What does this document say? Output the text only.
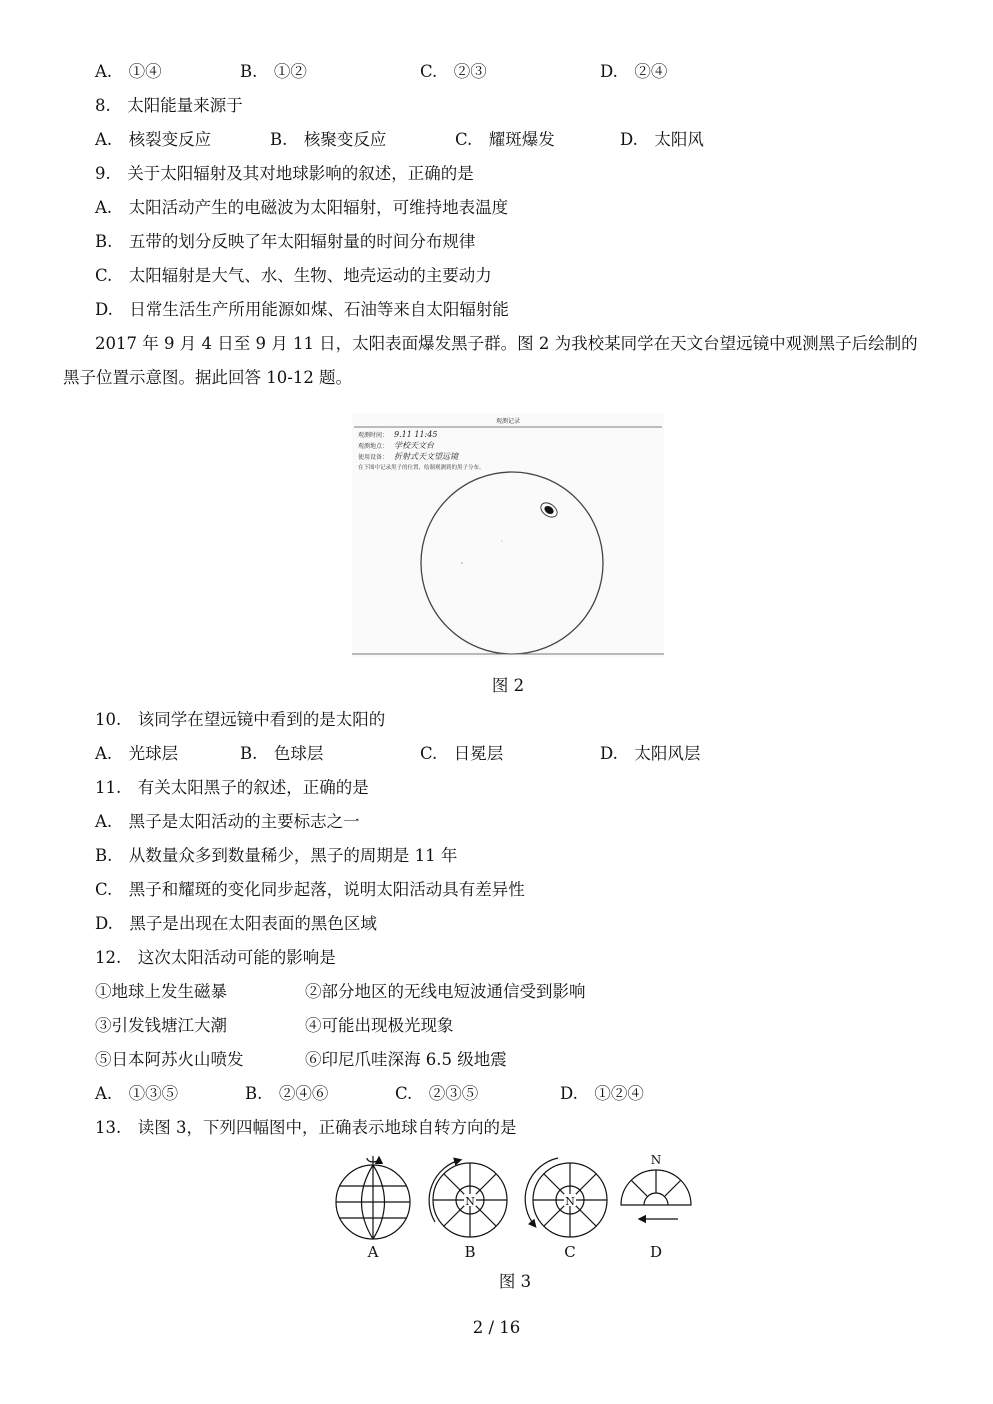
A.　①④	B.　①②	C.　②③	D.　②④
8.　太阳能量来源于
A.　核裂变反应	B.　核聚变反应	C.　耀斑爆发	D.　太阳风
9.　关于太阳辐射及其对地球影响的叙述，正确的是
A.　太阳活动产生的电磁波为太阳辐射，可维持地表温度
B.　五带的划分反映了年太阳辐射量的时间分布规律
C.　太阳辐射是大气、水、生物、地壳运动的主要动力
D.　日常生活生产所用能源如煤、石油等来自太阳辐射能
2017 年 9 月 4 日至 9 月 11 日，太阳表面爆发黑子群。图 2 为我校某同学在天文台望远镜中观测黑子后绘制的
黑子位置示意图。据此回答 10-12 题。
观测记录
观测时间： 9.11 11:45
观测地点： 学校天文台
使用设备： 折射式天文望远镜
在下图中记录黑子的位置，绘制观测到的黑子分布。
图 2
10.　该同学在望远镜中看到的是太阳的
A.　光球层	B.　色球层	C.　日冕层	D.　太阳风层
11.　有关太阳黑子的叙述，正确的是
A.　黑子是太阳活动的主要标志之一
B.　从数量众多到数量稀少，黑子的周期是 11 年
C.　黑子和耀斑的变化同步起落，说明太阳活动具有差异性
D.　黑子是出现在太阳表面的黑色区域
12.　这次太阳活动可能的影响是
①地球上发生磁暴	②部分地区的无线电短波通信受到影响
③引发钱塘江大潮	④可能出现极光现象
⑤日本阿苏火山喷发	⑥印尼爪哇深海 6.5 级地震
A.　①③⑤	B.　②④⑥	C.　②③⑤	D.　①②④
13.　读图 3，下列四幅图中，正确表示地球自转方向的是
A
N
B
N
C
N
D
图 3
2 / 16
